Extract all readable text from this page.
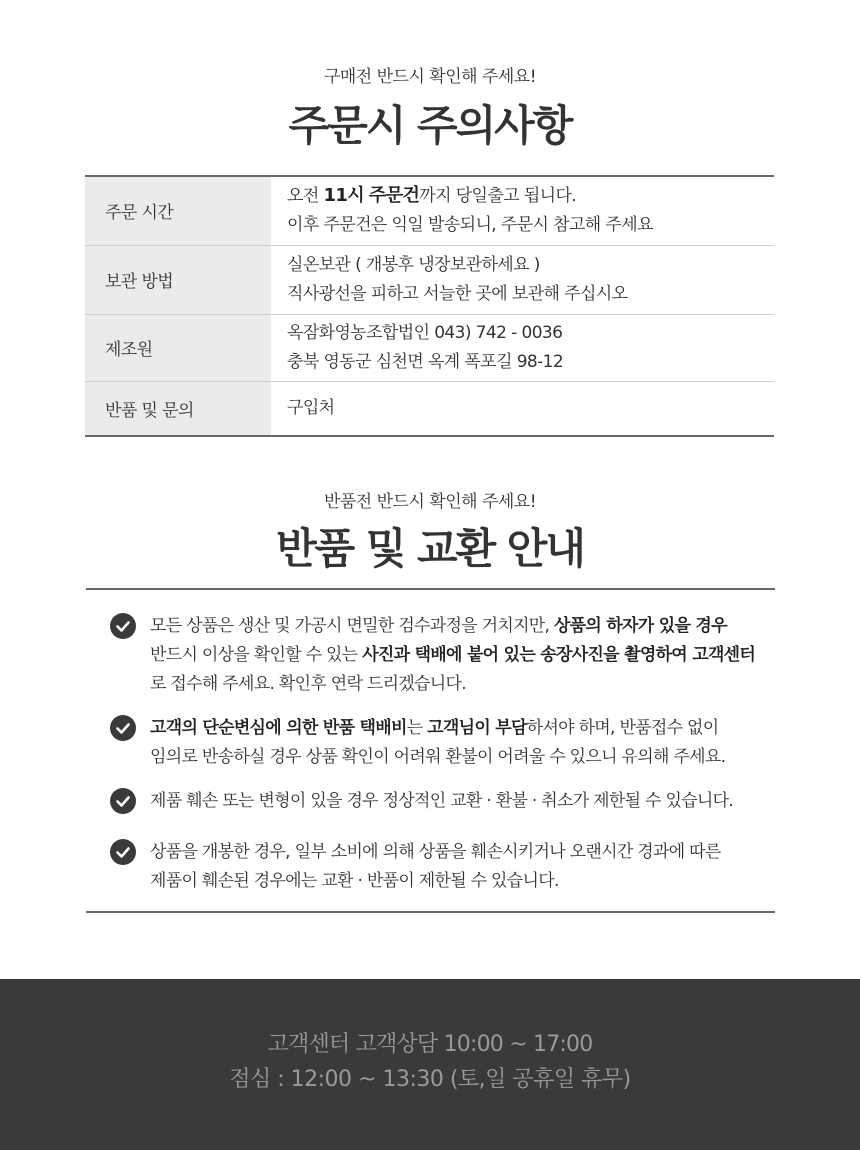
구매전 반드시 확인해 주세요!
주문시 주의사항
주문 시간	오전 11시 주문건까지 당일출고 됩니다.
이후 주문건은 익일 발송되니, 주문시 참고해 주세요

보관 방법	실온보관 ( 개봉후 냉장보관하세요 )
직사광선을 피하고 서늘한 곳에 보관해 주십시오

제조원	옥잠화영농조합법인 043) 742 - 0036
충북 영동군 심천면 옥계 폭포길 98-12

반품 및 문의	구입처
반품전 반드시 확인해 주세요!
반품 및 교환 안내
모든 상품은 생산 및 가공시 면밀한 검수과정을 거치지만, 상품의 하자가 있을 경우
반드시 이상을 확인할 수 있는 사진과 택배에 붙어 있는 송장사진을 촬영하여 고객센터
로 접수해 주세요. 확인후 연락 드리겠습니다.
고객의 단순변심에 의한 반품 택배비는 고객님이 부담하셔야 하며, 반품접수 없이
임의로 반송하실 경우 상품 확인이 어려워 환불이 어려울 수 있으니 유의해 주세요.
제품 훼손 또는 변형이 있을 경우 정상적인 교환 · 환불 · 취소가 제한될 수 있습니다.
상품을 개봉한 경우, 일부 소비에 의해 상품을 훼손시키거나 오랜시간 경과에 따른
제품이 훼손된 경우에는 교환 · 반품이 제한될 수 있습니다.
고객센터 고객상담 10:00 ~ 17:00
점심 : 12:00 ~ 13:30 (토,일 공휴일 휴무)
